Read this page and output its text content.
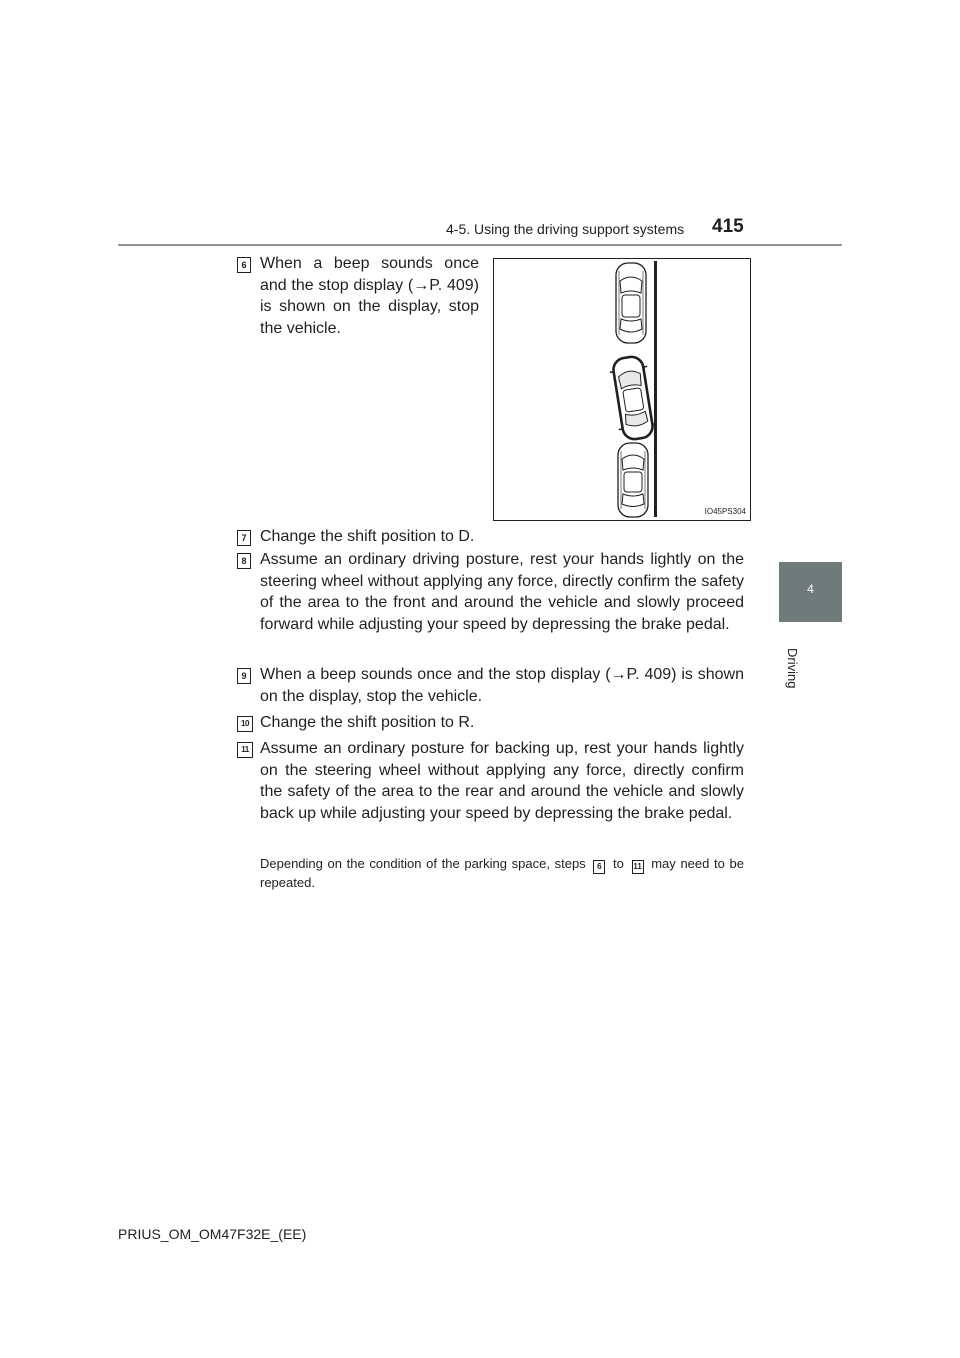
4-5. Using the driving support systems 415
4
Driving
6 When a beep sounds once and the stop display (→P. 409) is shown on the display, stop the vehicle.
IO45PS304
7 Change the shift position to D.
8 Assume an ordinary driving posture, rest your hands lightly on the steering wheel without applying any force, directly confirm the safety of the area to the front and around the vehicle and slowly proceed forward while adjusting your speed by depressing the brake pedal.
9 When a beep sounds once and the stop display (→P. 409) is shown on the display, stop the vehicle.
10 Change the shift position to R.
11 Assume an ordinary posture for backing up, rest your hands lightly on the steering wheel without applying any force, directly confirm the safety of the area to the rear and around the vehicle and slowly back up while adjusting your speed by depressing the brake pedal.
Depending on the condition of the parking space, steps 6 to 11 may need to be repeated.
PRIUS_OM_OM47F32E_(EE)
